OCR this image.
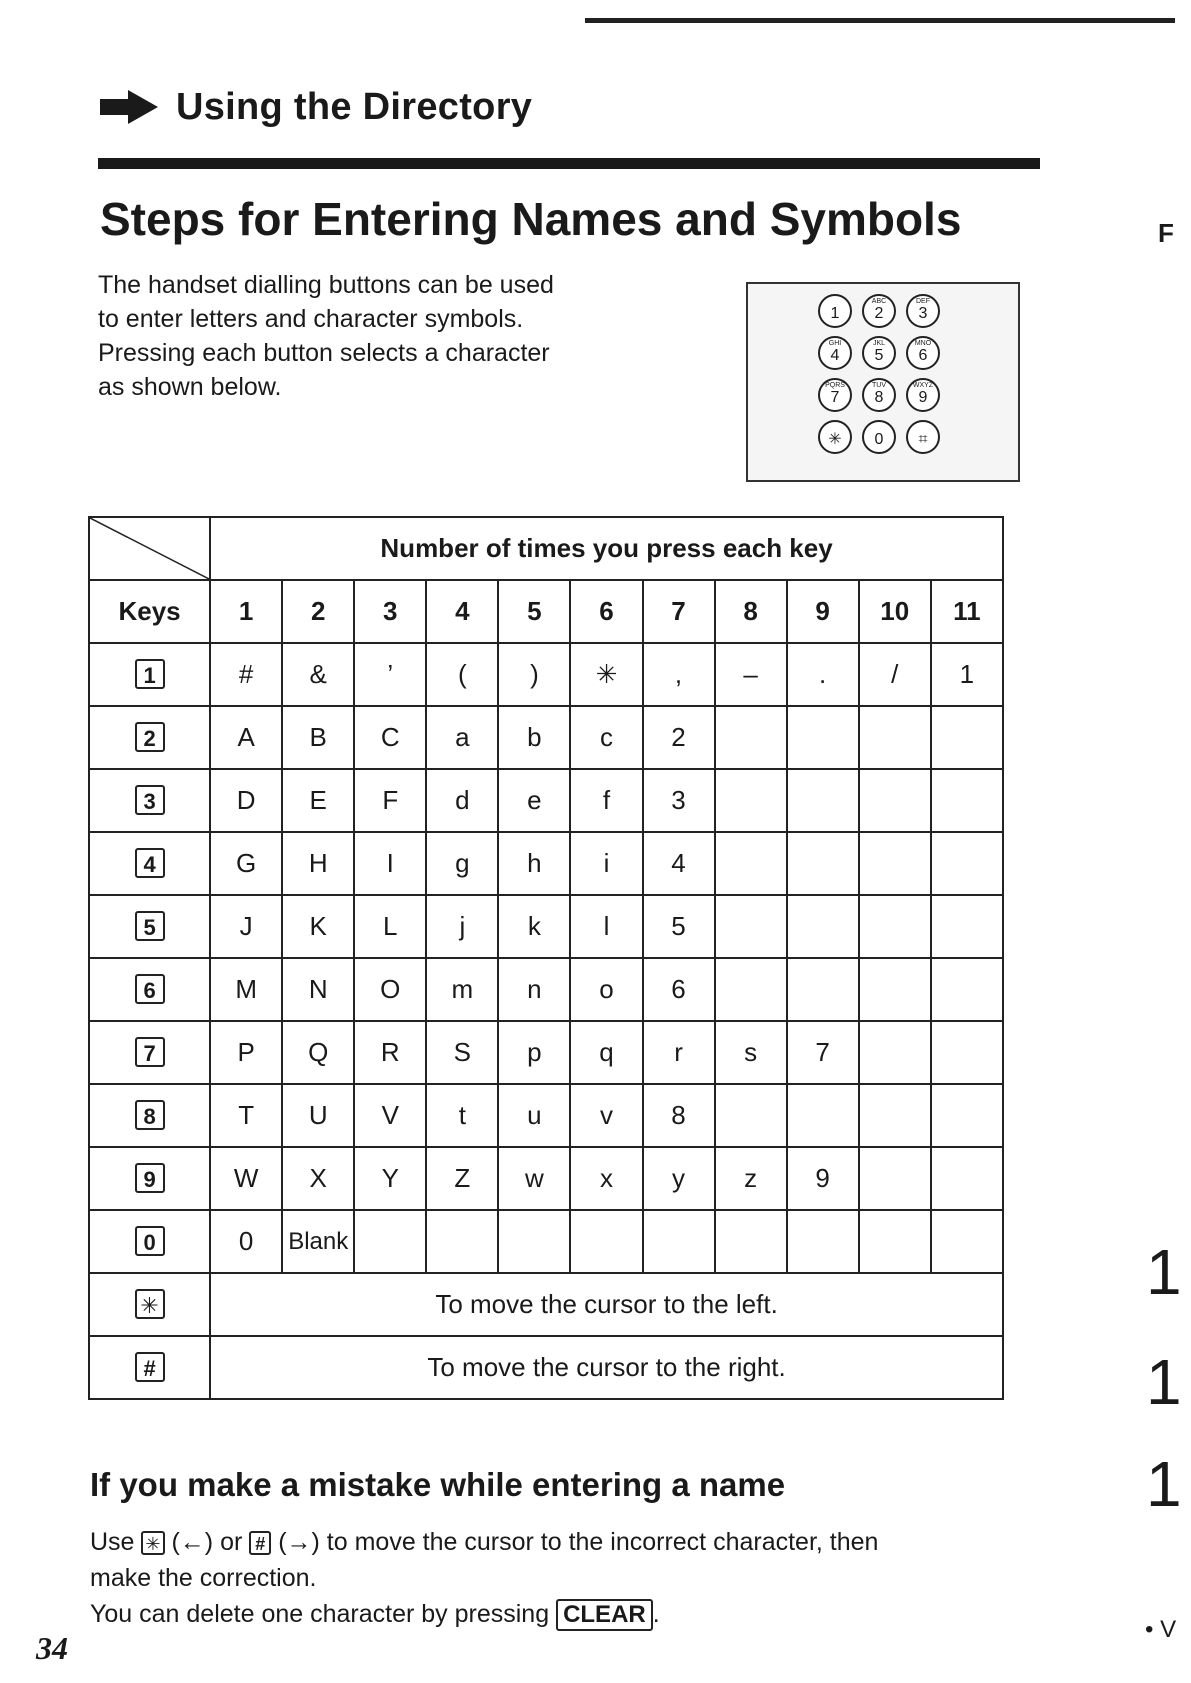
Using the Directory
Steps for Entering Names and Symbols

The handset dialling buttons can be used
to enter letters and character symbols.
Pressing each button selects a character
as shown below.

1
ABC
2
DEF
3
GHI
4
JKL
5
MNO
6
PQRS
7
TUV
8
WXYZ
9
✳	0	⌗
F
1
1
1
• V
	Number of times you press each key										
Keys	1	2	3	4	5	6	7	8	9	10	11
1	#	&	’	(	)	✳	,	–	.	/	1
2	A	B	C	a	b	c	2				
3	D	E	F	d	e	f	3				
4	G	H	I	g	h	i	4				
5	J	K	L	j	k	l	5				
6	M	N	O	m	n	o	6				
7	P	Q	R	S	p	q	r	s	7		
8	T	U	V	t	u	v	8				
9	W	X	Y	Z	w	x	y	z	9		
0	0	Blank									
✳	To move the cursor to the left.										
#	To move the cursor to the right.										
If you make a mistake while entering a name

Use ✳ (←) or # (→) to move the cursor to the incorrect character, then
make the correction.
You can delete one character by pressing CLEAR .

34
